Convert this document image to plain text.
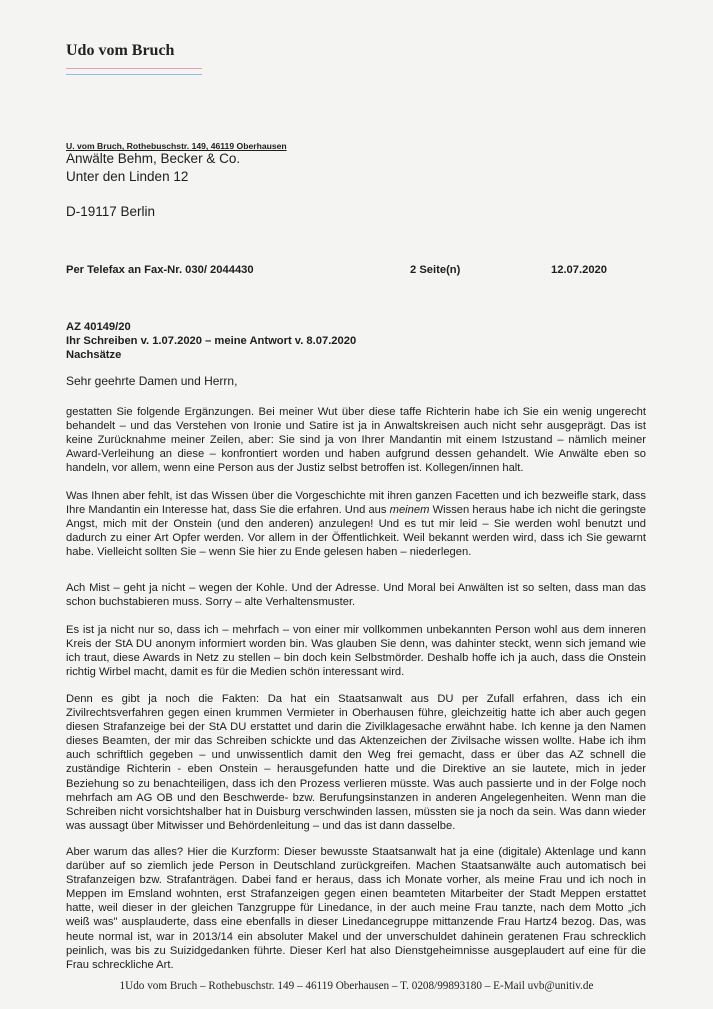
Udo vom Bruch
U. vom Bruch, Rothebuschstr. 149, 46119 Oberhausen
Anwälte Behm, Becker & Co.
Unter den Linden 12
D-19117 Berlin
Per Telefax an Fax-Nr. 030/ 2044430	2 Seite(n)	12.07.2020
AZ 40149/20
Ihr Schreiben v. 1.07.2020 – meine Antwort v. 8.07.2020
Nachsätze
Sehr geehrte Damen und Herrn,

gestatten Sie folgende Ergänzungen. Bei meiner Wut über diese taffe Richterin habe ich Sie ein wenig ungerecht behandelt – und das Verstehen von Ironie und Satire ist ja in Anwaltskreisen auch nicht sehr ausgeprägt. Das ist keine Zurücknahme meiner Zeilen, aber: Sie sind ja von Ihrer Mandantin mit einem Istzustand – nämlich meiner Award-Verleihung an diese – konfrontiert worden und haben aufgrund dessen gehandelt. Wie Anwälte eben so handeln, vor allem, wenn eine Person aus der Justiz selbst betroffen ist. Kollegen/innen halt.

Was Ihnen aber fehlt, ist das Wissen über die Vorgeschichte mit ihren ganzen Facetten und ich bezweifle stark, dass Ihre Mandantin ein Interesse hat, dass Sie die erfahren. Und aus meinem Wissen heraus habe ich nicht die geringste Angst, mich mit der Onstein (und den anderen) anzulegen! Und es tut mir leid – Sie werden wohl benutzt und dadurch zu einer Art Opfer werden. Vor allem in der Öffentlichkeit. Weil bekannt werden wird, dass ich Sie gewarnt habe. Vielleicht sollten Sie – wenn Sie hier zu Ende gelesen haben – niederlegen.

Ach Mist – geht ja nicht – wegen der Kohle. Und der Adresse. Und Moral bei Anwälten ist so selten, dass man das schon buchstabieren muss. Sorry – alte Verhaltensmuster.

Es ist ja nicht nur so, dass ich – mehrfach – von einer mir vollkommen unbekannten Person wohl aus dem inneren Kreis der StA DU anonym informiert worden bin. Was glauben Sie denn, was dahinter steckt, wenn sich jemand wie ich traut, diese Awards in Netz zu stellen – bin doch kein Selbstmörder. Deshalb hoffe ich ja auch, dass die Onstein richtig Wirbel macht, damit es für die Medien schön interessant wird.

Denn es gibt ja noch die Fakten: Da hat ein Staatsanwalt aus DU per Zufall erfahren, dass ich ein Zivilrechtsverfahren gegen einen krummen Vermieter in Oberhausen führe, gleichzeitig hatte ich aber auch gegen diesen Strafanzeige bei der StA DU erstattet und darin die Zivilklagesache erwähnt habe. Ich kenne ja den Namen dieses Beamten, der mir das Schreiben schickte und das Aktenzeichen der Zivilsache wissen wollte. Habe ich ihm auch schriftlich gegeben – und unwissentlich damit den Weg frei gemacht, dass er über das AZ schnell die zuständige Richterin - eben Onstein – herausgefunden hatte und die Direktive an sie lautete, mich in jeder Beziehung so zu benachteiligen, dass ich den Prozess verlieren müsste. Was auch passierte und in der Folge noch mehrfach am AG OB und den Beschwerde- bzw. Berufungsinstanzen in anderen Angelegenheiten. Wenn man die Schreiben nicht vorsichtshalber hat in Duisburg verschwinden lassen, müssten sie ja noch da sein. Was dann wieder was aussagt über Mitwisser und Behördenleitung – und das ist dann dasselbe.

Aber warum das alles? Hier die Kurzform: Dieser bewusste Staatsanwalt hat ja eine (digitale) Aktenlage und kann darüber auf so ziemlich jede Person in Deutschland zurückgreifen. Machen Staatsanwälte auch automatisch bei Strafanzeigen bzw. Strafanträgen. Dabei fand er heraus, dass ich Monate vorher, als meine Frau und ich noch in Meppen im Emsland wohnten, erst Strafanzeigen gegen einen beamteten Mitarbeiter der Stadt Meppen erstattet hatte, weil dieser in der gleichen Tanzgruppe für Linedance, in der auch meine Frau tanzte, nach dem Motto „ich weiß was" ausplauderte, dass eine ebenfalls in dieser Linedancegruppe mittanzende Frau Hartz4 bezog. Das, was heute normal ist, war in 2013/14 ein absoluter Makel und der unverschuldet dahinein geratenen Frau schrecklich peinlich, was bis zu Suizidgedanken führte. Dieser Kerl hat also Dienstgeheimnisse ausgeplaudert auf eine für die Frau schreckliche Art.

1Udo vom Bruch – Rothebuschstr. 149 – 46119 Oberhausen – T. 0208/99893180 – E-Mail uvb@unitiv.de
